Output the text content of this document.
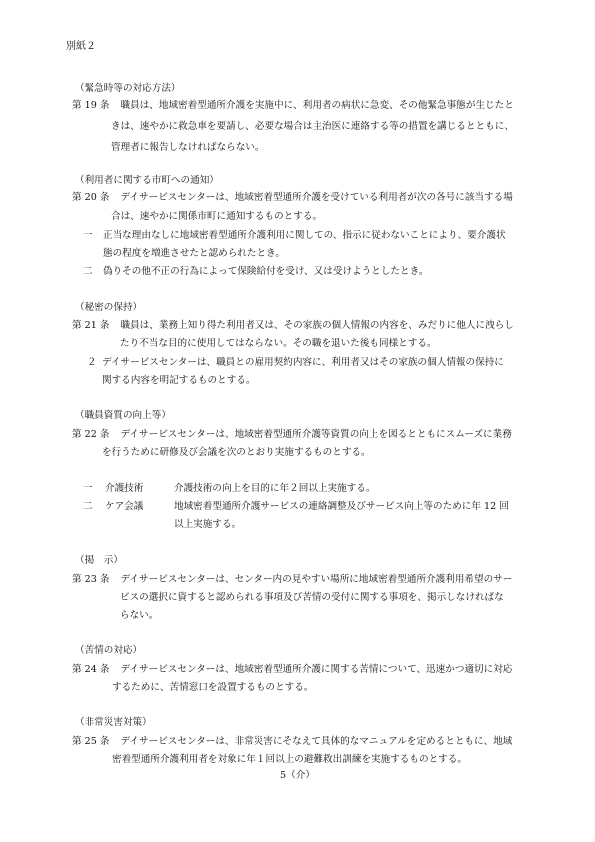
別紙２
（緊急時等の対応方法）
第 19 条 職員は、地域密着型通所介護を実施中に、利用者の病状に急変、その他緊急事態が生じたと
きは、速やかに救急車を要請し、必要な場合は主治医に連絡する等の措置を講じるとともに、
管理者に報告しなければならない。
（利用者に関する市町への通知）
第 20 条 デイサービスセンターは、地域密着型通所介護を受けている利用者が次の各号に該当する場
合は、速やかに関係市町に通知するものとする。
一 正当な理由なしに地域密着型通所介護利用に関しての、指示に従わないことにより、要介護状
態の程度を増進させたと認められたとき。
二 偽りその他不正の行為によって保険給付を受け、又は受けようとしたとき。
（秘密の保持）
第 21 条 職員は、業務上知り得た利用者又は、その家族の個人情報の内容を、みだりに他人に洩らし
たり不当な目的に使用してはならない。その職を退いた後も同様とする。
２ デイサービスセンターは、職員との雇用契約内容に、利用者又はその家族の個人情報の保持に
関する内容を明記するものとする。
（職員資質の向上等）
第 22 条 デイサービスセンターは、地域密着型通所介護等資質の向上を図るとともにスムーズに業務
を行うために研修及び会議を次のとおり実施するものとする。
一 介護技術	介護技術の向上を目的に年２回以上実施する。
二 ケア会議	地域密着型通所介護サービスの連絡調整及びサービス向上等のために年 12 回
以上実施する。
（掲　示）
第 23 条 デイサービスセンターは、センター内の見やすい場所に地域密着型通所介護利用希望のサー
ビスの選択に資すると認められる事項及び苦情の受付に関する事項を、掲示しなければな
らない。
（苦情の対応）
第 24 条 デイサービスセンターは、地域密着型通所介護に関する苦情について、迅速かつ適切に対応
するために、苦情窓口を設置するものとする。
（非常災害対策）
第 25 条 デイサービスセンターは、非常災害にそなえて具体的なマニュアルを定めるとともに、地域
密着型通所介護利用者を対象に年１回以上の避難救出訓練を実施するものとする。
5（介）
